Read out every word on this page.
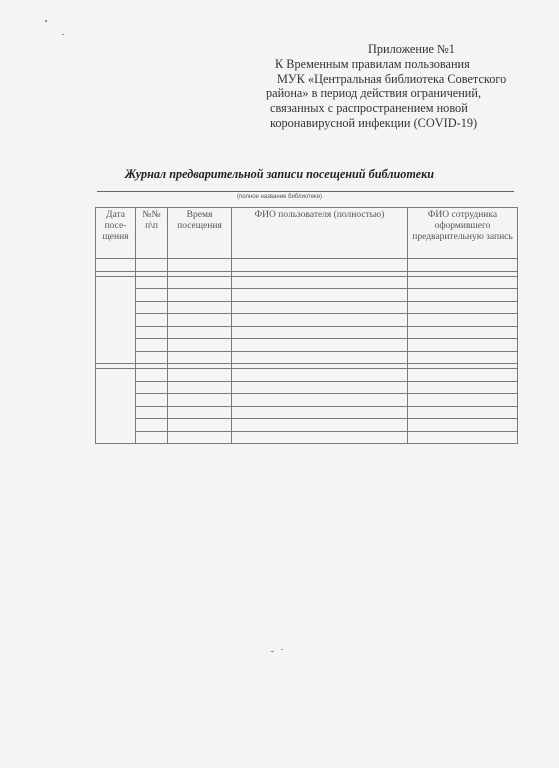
Приложение №1
К Временным правилам пользования
МУК «Центральная библиотека Советского
района» в период действия ограничений,
связанных с распространением новой
коронавирусной инфекции (COVID-19)
Журнал предварительной записи посещений библиотеки
(полное название библиотеки)
Дата посе-щения	№№ п\п	Время посещения	ФИО пользователя (полностью)	ФИО сотрудника оформившего предварительную запись
